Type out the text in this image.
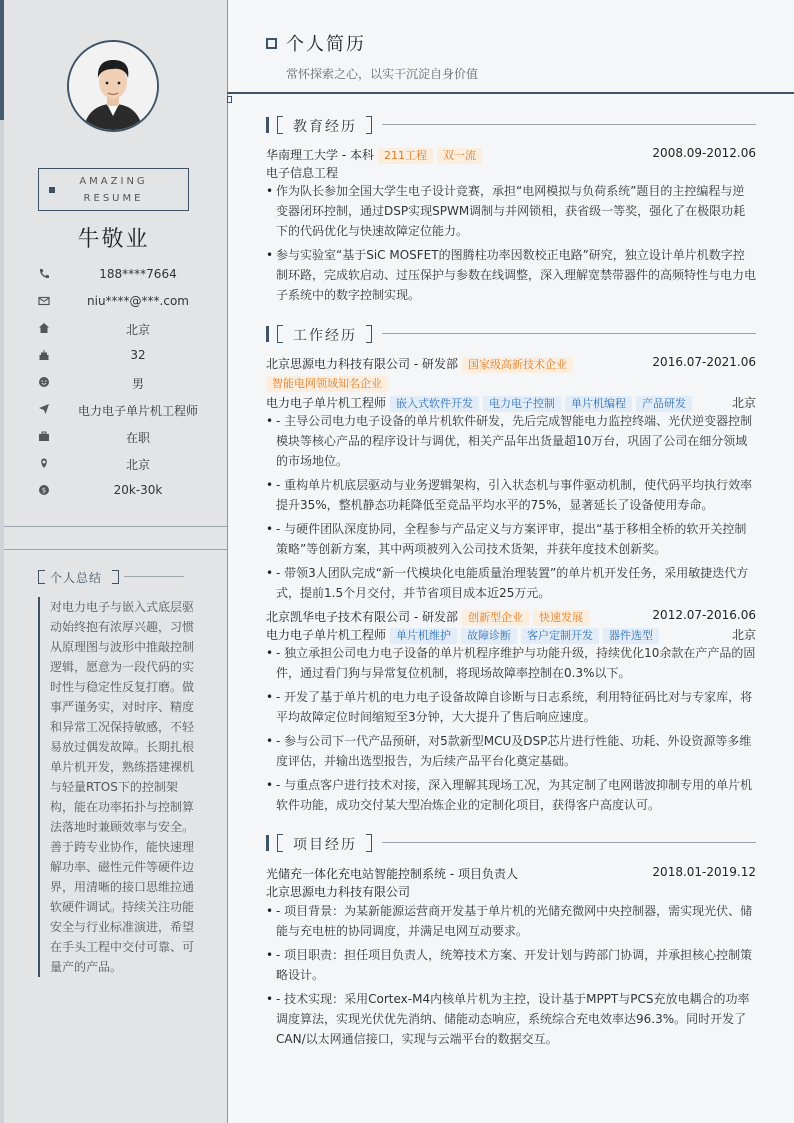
AMAZING
RESUME
牛敬业
188****7664
niu****@***.com
北京
32
男
电力电子单片机工程师
在职
北京
$	20k-30k
个人总结
对电力电子与嵌入式底层驱动始终抱有浓厚兴趣，习惯从原理图与波形中推敲控制逻辑，愿意为一段代码的实时性与稳定性反复打磨。做事严谨务实，对时序、精度和异常工况保持敏感，不轻易放过偶发故障。长期扎根单片机开发，熟练搭建裸机与轻量RTOS下的控制架构，能在功率拓扑与控制算法落地时兼顾效率与安全。善于跨专业协作，能快速理解功率、磁性元件等硬件边界，用清晰的接口思维拉通软硬件调试。持续关注功能安全与行业标准演进，希望在手头工程中交付可靠、可量产的产品。
个人简历
常怀探索之心，以实干沉淀自身价值
教育经历
华南理工大学 - 本科 211工程 双一流	2008.09-2012.06
电子信息工程
• 作为队长参加全国大学生电子设计竞赛，承担“电网模拟与负荷系统”题目的主控编程与逆变器闭环控制，通过DSP实现SPWM调制与并网锁相，获省级一等奖，强化了在极限功耗下的代码优化与快速故障定位能力。
• 参与实验室“基于SiC MOSFET的图腾柱功率因数校正电路”研究，独立设计单片机数字控制环路，完成软启动、过压保护与参数在线调整，深入理解宽禁带器件的高频特性与电力电子系统中的数字控制实现。
工作经历
北京思源电力科技有限公司 - 研发部 国家级高新技术企业	2016.07-2021.06
智能电网领域知名企业
电力电子单片机工程师 嵌入式软件开发 电力电子控制 单片机编程 产品研发	北京
• - 主导公司电力电子设备的单片机软件研发，先后完成智能电力监控终端、光伏逆变器控制模块等核心产品的程序设计与调优，相关产品年出货量超10万台，巩固了公司在细分领域的市场地位。
• - 重构单片机底层驱动与业务逻辑架构，引入状态机与事件驱动机制，使代码平均执行效率提升35%，整机静态功耗降低至竞品平均水平的75%，显著延长了设备使用寿命。
• - 与硬件团队深度协同，全程参与产品定义与方案评审，提出“基于移相全桥的软开关控制策略”等创新方案，其中两项被列入公司技术货架，并获年度技术创新奖。
• - 带领3人团队完成“新一代模块化电能质量治理装置”的单片机开发任务，采用敏捷迭代方式，提前1.5个月交付，并节省项目成本近25万元。
北京凯华电子技术有限公司 - 研发部 创新型企业 快速发展	2012.07-2016.06
电力电子单片机工程师 单片机维护 故障诊断 客户定制开发 器件选型	北京
• - 独立承担公司电力电子设备的单片机程序维护与功能升级，持续优化10余款在产产品的固件，通过看门狗与异常复位机制，将现场故障率控制在0.3%以下。
• - 开发了基于单片机的电力电子设备故障自诊断与日志系统，利用特征码比对与专家库，将平均故障定位时间缩短至3分钟，大大提升了售后响应速度。
• - 参与公司下一代产品预研，对5款新型MCU及DSP芯片进行性能、功耗、外设资源等多维度评估，并输出选型报告，为后续产品平台化奠定基础。
• - 与重点客户进行技术对接，深入理解其现场工况，为其定制了电网谐波抑制专用的单片机软件功能，成功交付某大型冶炼企业的定制化项目，获得客户高度认可。
项目经历
光储充一体化充电站智能控制系统 - 项目负责人	2018.01-2019.12
北京思源电力科技有限公司
• - 项目背景：为某新能源运营商开发基于单片机的光储充微网中央控制器，需实现光伏、储能与充电桩的协同调度，并满足电网互动要求。
• - 项目职责：担任项目负责人，统筹技术方案、开发计划与跨部门协调，并承担核心控制策略设计。
• - 技术实现：采用Cortex-M4内核单片机为主控，设计基于MPPT与PCS充放电耦合的功率调度算法，实现光伏优先消纳、储能动态响应，系统综合充电效率达96.3%。同时开发了CAN/以太网通信接口，实现与云端平台的数据交互。
